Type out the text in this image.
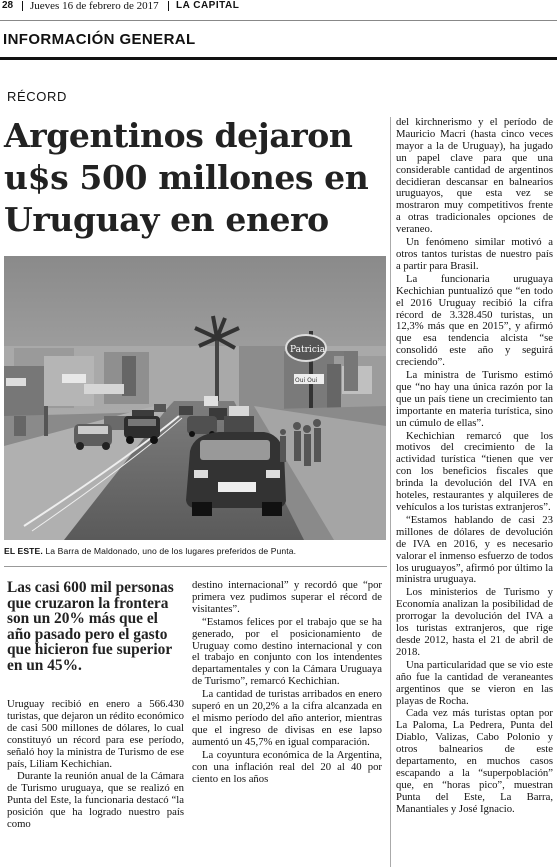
28 Jueves 16 de febrero de 2017 LA CAPITAL
INFORMACIÓN GENERAL
RÉCORD
Argentinos dejaron u$s 500 millones en Uruguay en enero
Patricia
Oui Oui
EL ESTE. La Barra de Maldonado, uno de los lugares preferidos de Punta.
Las casi 600 mil personas que cruzaron la frontera son un 20% más que el año pasado pero el gasto que hicieron fue superior en un 45%.

Uruguay recibió en enero a 566.430 turistas, que dejaron un rédito económico de casi 500 millones de dólares, lo cual constituyó un récord para ese período, señaló hoy la ministra de Turismo de ese país, Liliam Kechichian.

Durante la reunión anual de la Cámara de Turismo uruguaya, que se realizó en Punta del Este, la funcionaria destacó “la posición que ha logrado nuestro país como

destino internacional” y recordó que “por primera vez pudimos superar el récord de visitantes”.

“Estamos felices por el trabajo que se ha generado, por el posicionamiento de Uruguay como destino internacional y con el trabajo en conjunto con los intendentes departamentales y con la Cámara Uruguaya de Turismo”, remarcó Kechichian.

La cantidad de turistas arribados en enero superó en un 20,2% a la cifra alcanzada en el mismo período del año anterior, mientras que el ingreso de divisas en ese lapso aumentó un 45,7% en igual comparación.

La coyuntura económica de la Argentina, con una inflación real del 20 al 40 por ciento en los años

del kirchnerismo y el período de Mauricio Macri (hasta cinco veces mayor a la de Uruguay), ha jugado un papel clave para que una considerable cantidad de argentinos decidieran descansar en balnearios uruguayos, que esta vez se mostraron muy competitivos frente a otras tradicionales opciones de veraneo.

Un fenómeno similar motivó a otros tantos turistas de nuestro país a partir para Brasil.

La funcionaria uruguaya Kechichian puntualizó que “en todo el 2016 Uruguay recibió la cifra récord de 3.328.450 turistas, un 12,3% más que en 2015”, y afirmó que esa tendencia alcista “se consolidó este año y seguirá creciendo”.

La ministra de Turismo estimó que “no hay una única razón por la que un país tiene un crecimiento tan importante en materia turística, sino un cúmulo de ellas”.

Kechichian remarcó que los motivos del crecimiento de la actividad turística “tienen que ver con los beneficios fiscales que brinda la devolución del IVA en hoteles, restaurantes y alquileres de vehículos a los turistas extranjeros”.

“Estamos hablando de casi 23 millones de dólares de devolución de IVA en 2016, y es necesario valorar el inmenso esfuerzo de todos los uruguayos”, afirmó por último la ministra uruguaya.

Los ministerios de Turismo y Economía analizan la posibilidad de prorrogar la devolución del IVA a los turistas extranjeros, que rige desde 2012, hasta el 21 de abril de 2018.

Una particularidad que se vio este año fue la cantidad de veraneantes argentinos que se vieron en las playas de Rocha.

Cada vez más turistas optan por La Paloma, La Pedrera, Punta del Diablo, Valizas, Cabo Polonio y otros balnearios de este departamento, en muchos casos escapando a la “superpoblación” que, en “horas pico”, muestran Punta del Este, La Barra, Manantiales y José Ignacio.
